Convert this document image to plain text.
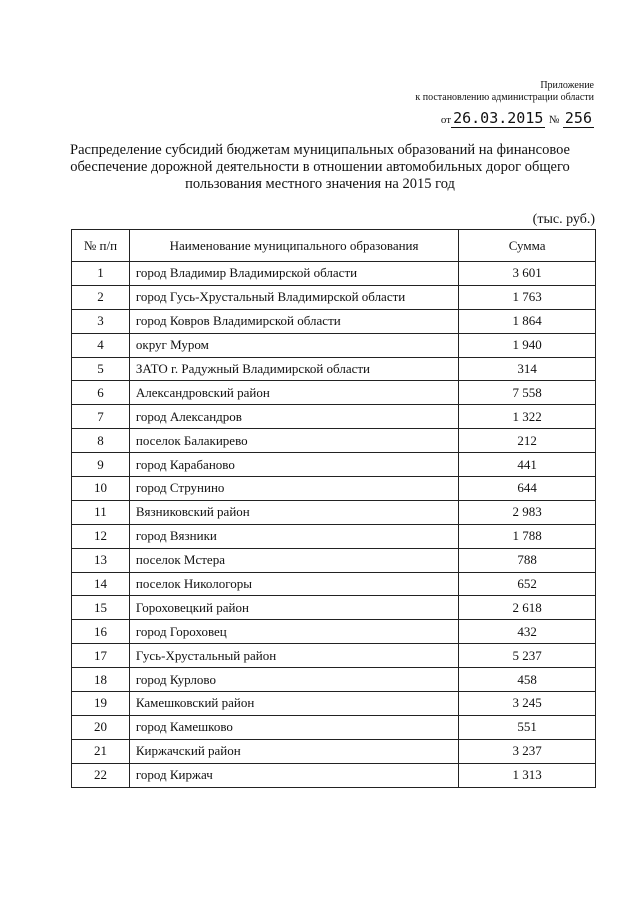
Приложение
к постановлению администрации области
от 26.03.2015 № 256
Распределение субсидий бюджетам муниципальных образований на финансовое
обеспечение дорожной деятельности в отношении автомобильных дорог общего
пользования местного значения на 2015 год
(тыс. руб.)
№ п/п	Наименование муниципального образования	Сумма
1	город Владимир Владимирской области	3 601
2	город Гусь-Хрустальный Владимирской области	1 763
3	город Ковров Владимирской области	1 864
4	округ Муром	1 940
5	ЗАТО г. Радужный Владимирской области	314
6	Александровский район	7 558
7	город Александров	1 322
8	поселок Балакирево	212
9	город Карабаново	441
10	город Струнино	644
11	Вязниковский район	2 983
12	город Вязники	1 788
13	поселок Мстера	788
14	поселок Никологоры	652
15	Гороховецкий район	2 618
16	город Гороховец	432
17	Гусь-Хрустальный район	5 237
18	город Курлово	458
19	Камешковский район	3 245
20	город Камешково	551
21	Киржачский район	3 237
22	город Киржач	1 313
